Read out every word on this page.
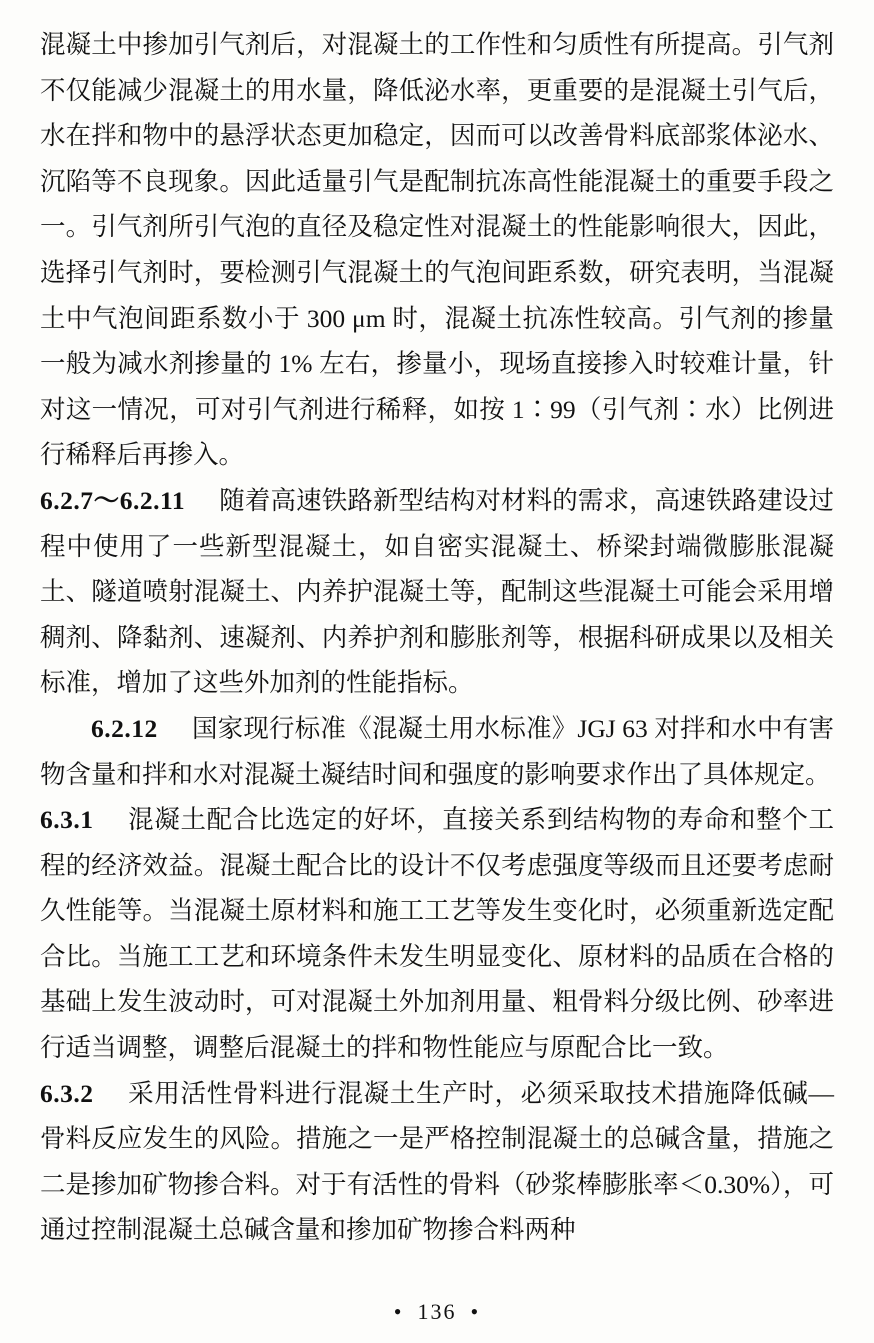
混凝土中掺加引气剂后，对混凝土的工作性和匀质性有所提高。引气剂不仅能减少混凝土的用水量，降低泌水率，更重要的是混凝土引气后，水在拌和物中的悬浮状态更加稳定，因而可以改善骨料底部浆体泌水、沉陷等不良现象。因此适量引气是配制抗冻高性能混凝土的重要手段之一。引气剂所引气泡的直径及稳定性对混凝土的性能影响很大，因此，选择引气剂时，要检测引气混凝土的气泡间距系数，研究表明，当混凝土中气泡间距系数小于 300 μm 时，混凝土抗冻性较高。引气剂的掺量一般为减水剂掺量的 1% 左右，掺量小，现场直接掺入时较难计量，针对这一情况，可对引气剂进行稀释，如按 1∶99（引气剂∶水）比例进行稀释后再掺入。

6.2.7～6.2.11 随着高速铁路新型结构对材料的需求，高速铁路建设过程中使用了一些新型混凝土，如自密实混凝土、桥梁封端微膨胀混凝土、隧道喷射混凝土、内养护混凝土等，配制这些混凝土可能会采用增稠剂、降黏剂、速凝剂、内养护剂和膨胀剂等，根据科研成果以及相关标准，增加了这些外加剂的性能指标。

6.2.12 国家现行标准《混凝土用水标准》JGJ 63 对拌和水中有害物含量和拌和水对混凝土凝结时间和强度的影响要求作出了具体规定。

6.3.1 混凝土配合比选定的好坏，直接关系到结构物的寿命和整个工程的经济效益。混凝土配合比的设计不仅考虑强度等级而且还要考虑耐久性能等。当混凝土原材料和施工工艺等发生变化时，必须重新选定配合比。当施工工艺和环境条件未发生明显变化、原材料的品质在合格的基础上发生波动时，可对混凝土外加剂用量、粗骨料分级比例、砂率进行适当调整，调整后混凝土的拌和物性能应与原配合比一致。

6.3.2 采用活性骨料进行混凝土生产时，必须采取技术措施降低碱—骨料反应发生的风险。措施之一是严格控制混凝土的总碱含量，措施之二是掺加矿物掺合料。对于有活性的骨料（砂浆棒膨胀率＜0.30%），可通过控制混凝土总碱含量和掺加矿物掺合料两种

• 136 •
